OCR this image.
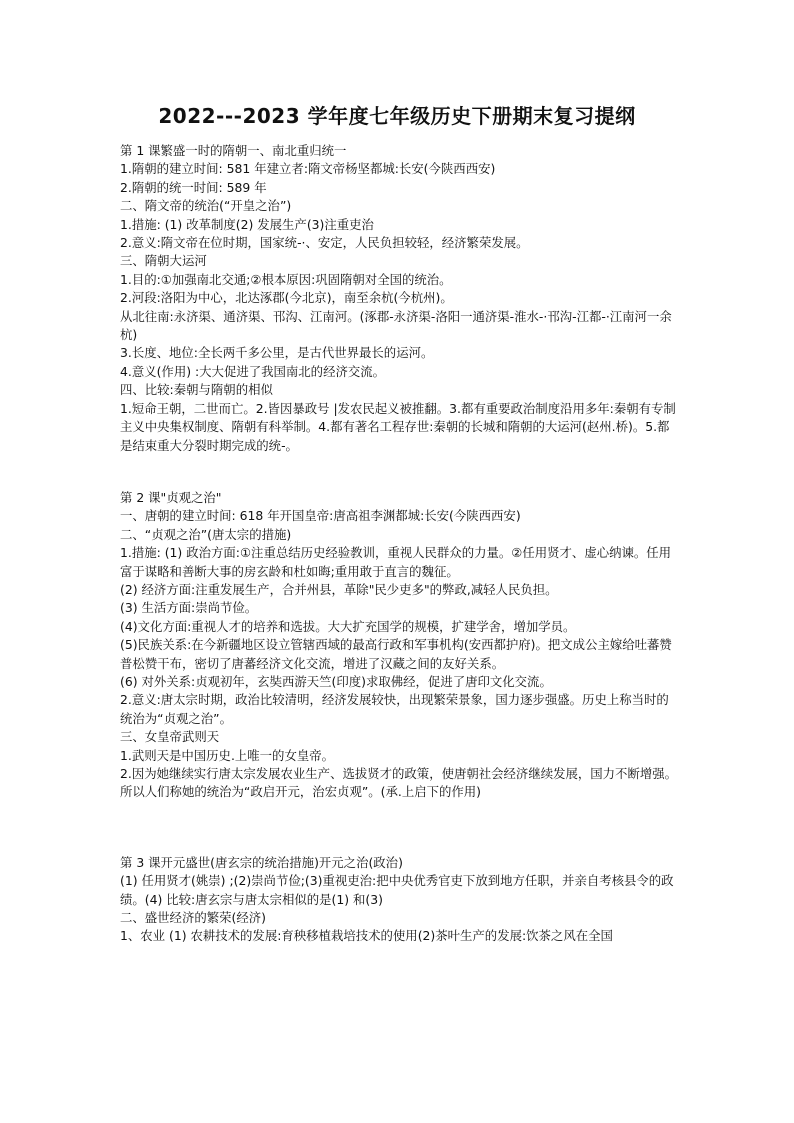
2022---2023 学年度七年级历史下册期末复习提纲

第 1 课繁盛一时的隋朝一、南北重归统一

1.隋朝的建立时间: 581 年建立者:隋文帝杨坚都城:长安(今陕西西安)

2.隋朝的统一时间: 589 年

二、隋文帝的统治(“开皇之治”)

1.措施: (1) 改革制度(2) 发展生产(3)注重吏治

2.意义:隋文帝在位时期，国家统-·、安定，人民负担较轻，经济繁荣发展。

三、隋朝大运河

1.目的:①加强南北交通;②根本原因:巩固隋朝对全国的统治。

2.河段:洛阳为中心，北达涿郡(今北京)，南至余杭(今杭州)。

从北往南:永济渠、通济渠、邗沟、江南河。(涿郡-永济渠-洛阳一通济渠-淮水-·邗沟-江都-·江南河一余杭)

3.长度、地位:全长两千多公里，是古代世界最长的运河。

4.意义(作用) :大大促进了我国南北的经济交流。

四、比较:秦朝与隋朝的相似

1.短命王朝，二世而亡。2.皆因暴政号 |发农民起义被推翻。3.都有重要政治制度沿用多年:秦朝有专制主义中央集权制度、隋朝有科举制。4.都有著名工程存世:秦朝的长城和隋朝的大运河(赵州.桥)。5.都是结束重大分裂时期完成的统-。

第 2 课"贞观之治"

一、唐朝的建立时间: 618 年开国皇帝:唐高祖李渊都城:长安(今陕西西安)

二、“贞观之治”(唐太宗的措施)

1.措施: (1) 政治方面:①注重总结历史经验教训，重视人民群众的力量。②任用贤才、虚心纳谏。任用富于谋略和善断大事的房玄龄和杜如晦;重用敢于直言的魏征。

(2) 经济方面:注重发展生产，合并州县，革除"民少吏多"的弊政,减轻人民负担。

(3) 生活方面:崇尚节俭。

(4)文化方面:重视人才的培养和选拔。大大扩充国学的规模，扩建学舍，增加学员。

(5)民族关系:在今新疆地区设立管辖西域的最高行政和军事机构(安西都护府)。把文成公主嫁给吐蕃赞普松赞干布，密切了唐蕃经济文化交流，增进了汉藏之间的友好关系。

(6) 对外关系:贞观初年，玄奘西游天竺(印度)求取佛经，促进了唐印文化交流。

2.意义:唐太宗时期，政治比较清明，经济发展较快，出现繁荣景象，国力逐步强盛。历史上称当时的统治为“贞观之治”。

三、女皇帝武则天

1.武则天是中国历史.上唯一的女皇帝。

2.因为她继续实行唐太宗发展农业生产、选拔贤才的政策，使唐朝社会经济继续发展，国力不断增强。所以人们称她的统治为“政启开元，治宏贞观”。(承.上启下的作用)

第 3 课开元盛世(唐玄宗的统治措施)开元之治(政治)

(1) 任用贤才(姚崇) ;(2)崇尚节俭;(3)重视吏治:把中央优秀官吏下放到地方任职，并亲自考核县令的政绩。(4) 比较:唐玄宗与唐太宗相似的是(1) 和(3)

二、盛世经济的繁荣(经济)

1、农业 (1) 农耕技术的发展:育秧移植栽培技术的使用(2)茶叶生产的发展:饮茶之风在全国
